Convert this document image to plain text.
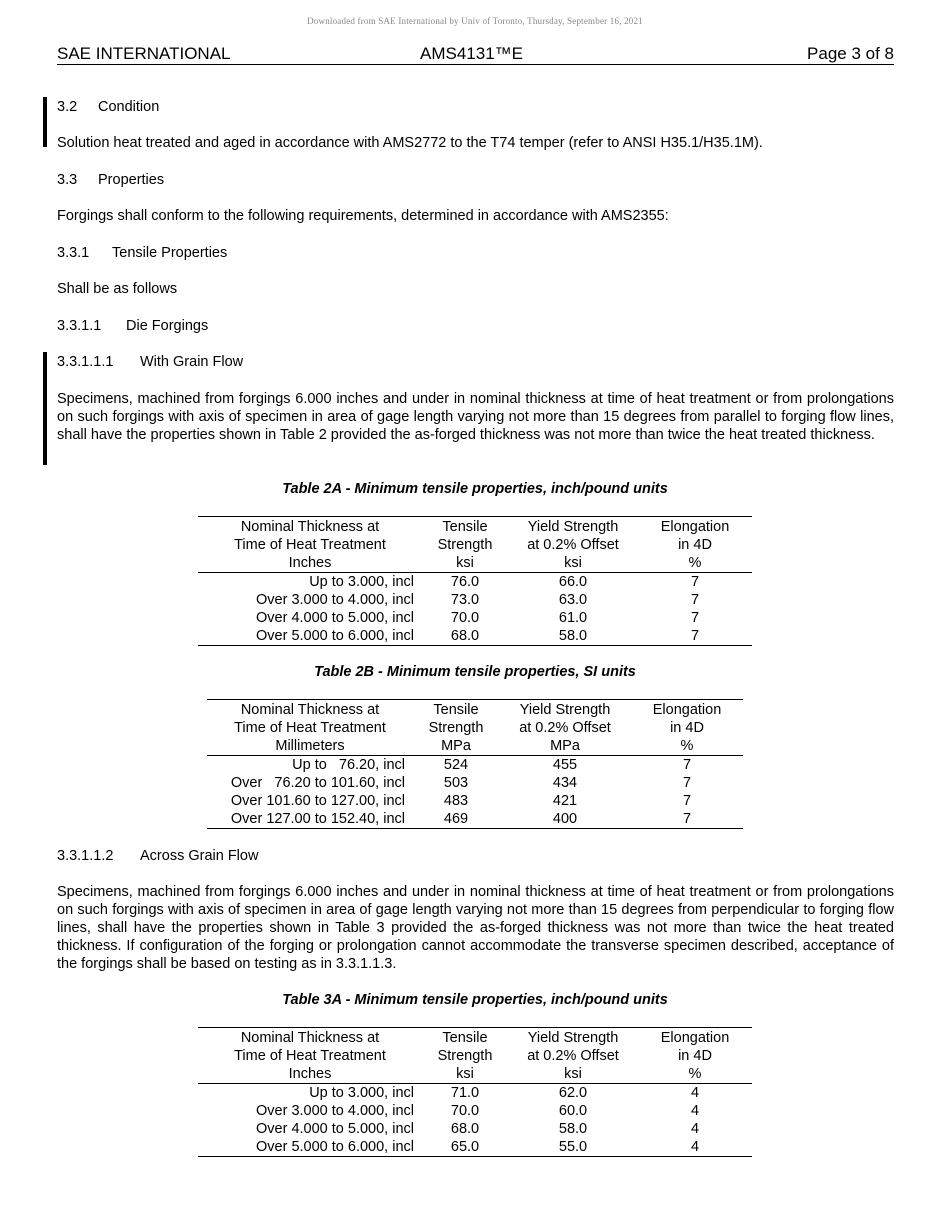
Downloaded from SAE International by Univ of Toronto, Thursday, September 16, 2021
SAE INTERNATIONAL	AMS4131™E	Page 3 of 8
3.2 Condition
Solution heat treated and aged in accordance with AMS2772 to the T74 temper (refer to ANSI H35.1/H35.1M).
3.3 Properties
Forgings shall conform to the following requirements, determined in accordance with AMS2355:
3.3.1 Tensile Properties
Shall be as follows
3.3.1.1 Die Forgings
3.3.1.1.1 With Grain Flow
Specimens, machined from forgings 6.000 inches and under in nominal thickness at time of heat treatment or from prolongations on such forgings with axis of specimen in area of gage length varying not more than 15 degrees from parallel to forging flow lines, shall have the properties shown in Table 2 provided the as-forged thickness was not more than twice the heat treated thickness.
Table 2A - Minimum tensile properties, inch/pound units
Nominal Thickness at	Tensile	Yield Strength	Elongation
Time of Heat Treatment	Strength	at 0.2% Offset	in 4D
Inches	ksi	ksi	%
Up to 3.000, incl	76.0	66.0	7
Over 3.000 to 4.000, incl	73.0	63.0	7
Over 4.000 to 5.000, incl	70.0	61.0	7
Over 5.000 to 6.000, incl	68.0	58.0	7
Table 2B - Minimum tensile properties, SI units
Nominal Thickness at	Tensile	Yield Strength	Elongation
Time of Heat Treatment	Strength	at 0.2% Offset	in 4D
Millimeters	MPa	MPa	%
Up to   76.20, incl	524	455	7
Over   76.20 to 101.60, incl	503	434	7
Over 101.60 to 127.00, incl	483	421	7
Over 127.00 to 152.40, incl	469	400	7
3.3.1.1.2 Across Grain Flow
Specimens, machined from forgings 6.000 inches and under in nominal thickness at time of heat treatment or from prolongations on such forgings with axis of specimen in area of gage length varying not more than 15 degrees from perpendicular to forging flow lines, shall have the properties shown in Table 3 provided the as-forged thickness was not more than twice the heat treated thickness. If configuration of the forging or prolongation cannot accommodate the transverse specimen described, acceptance of the forgings shall be based on testing as in 3.3.1.1.3.
Table 3A - Minimum tensile properties, inch/pound units
Nominal Thickness at	Tensile	Yield Strength	Elongation
Time of Heat Treatment	Strength	at 0.2% Offset	in 4D
Inches	ksi	ksi	%
Up to 3.000, incl	71.0	62.0	4
Over 3.000 to 4.000, incl	70.0	60.0	4
Over 4.000 to 5.000, incl	68.0	58.0	4
Over 5.000 to 6.000, incl	65.0	55.0	4
